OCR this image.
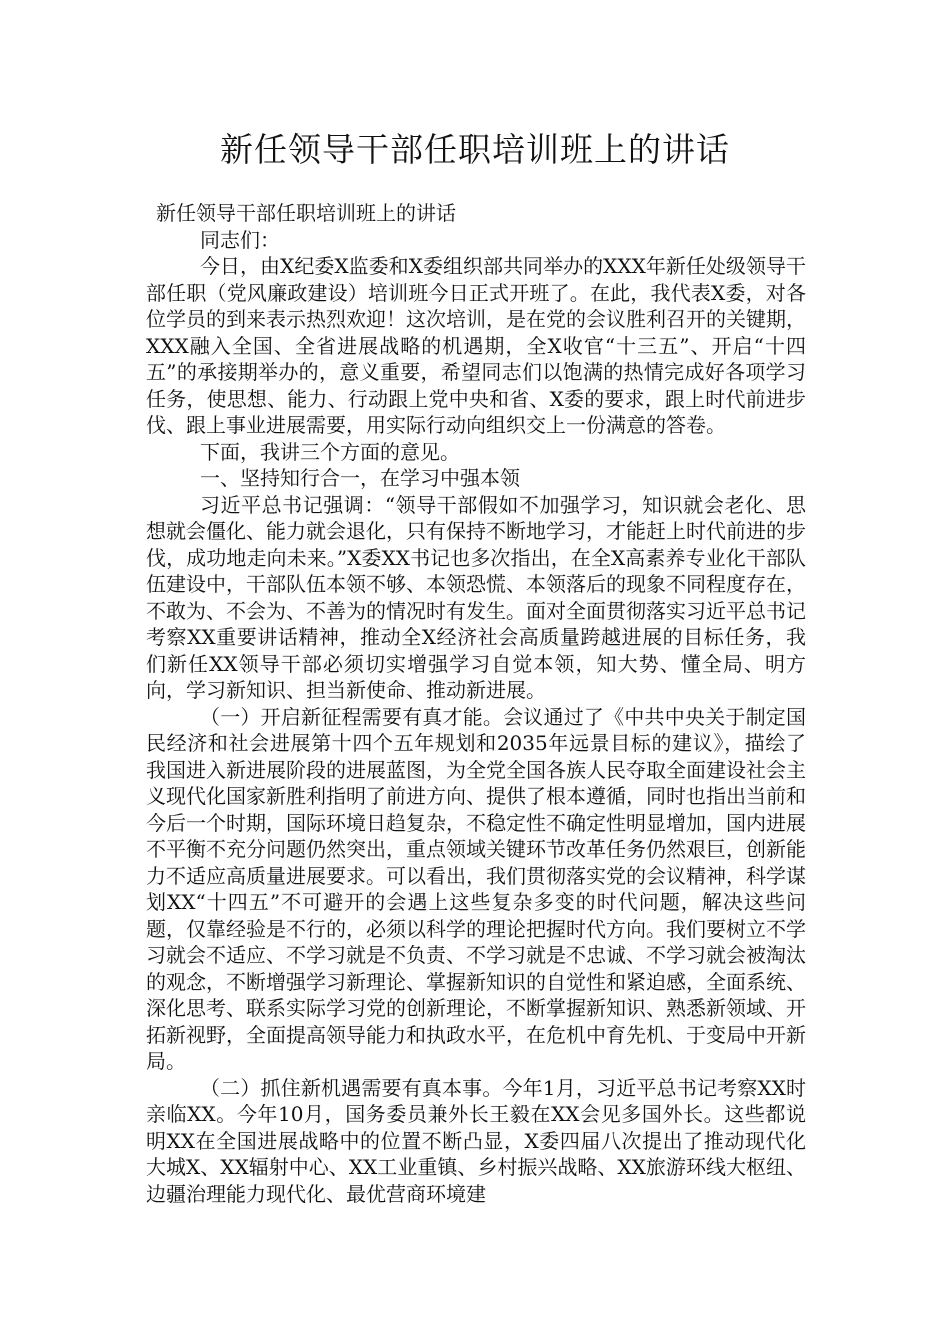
新任领导干部任职培训班上的讲话

新任领导干部任职培训班上的讲话

同志们：

今日，由X纪委X监委和X委组织部共同举办的XXX年新任处级领导干部任职（党风廉政建设）培训班今日正式开班了。在此，我代表X委，对各位学员的到来表示热烈欢迎！这次培训，是在党的会议胜利召开的关键期，XXX融入全国、全省进展战略的机遇期，全X收官“十三五”、开启“十四五”的承接期举办的，意义重要，希望同志们以饱满的热情完成好各项学习任务，使思想、能力、行动跟上党中央和省、X委的要求，跟上时代前进步伐、跟上事业进展需要，用实际行动向组织交上一份满意的答卷。

下面，我讲三个方面的意见。

一、坚持知行合一，在学习中强本领

习近平总书记强调：“领导干部假如不加强学习，知识就会老化、思想就会僵化、能力就会退化，只有保持不断地学习，才能赶上时代前进的步伐，成功地走向未来。”X委XX书记也多次指出，在全X高素养专业化干部队伍建设中，干部队伍本领不够、本领恐慌、本领落后的现象不同程度存在，不敢为、不会为、不善为的情况时有发生。面对全面贯彻落实习近平总书记考察XX重要讲话精神，推动全X经济社会高质量跨越进展的目标任务，我们新任XX领导干部必须切实增强学习自觉本领，知大势、懂全局、明方向，学习新知识、担当新使命、推动新进展。

（一）开启新征程需要有真才能。会议通过了《中共中央关于制定国民经济和社会进展第十四个五年规划和2035年远景目标的建议》，描绘了我国进入新进展阶段的进展蓝图，为全党全国各族人民夺取全面建设社会主义现代化国家新胜利指明了前进方向、提供了根本遵循，同时也指出当前和今后一个时期，国际环境日趋复杂，不稳定性不确定性明显增加，国内进展不平衡不充分问题仍然突出，重点领域关键环节改革任务仍然艰巨，创新能力不适应高质量进展要求。可以看出，我们贯彻落实党的会议精神，科学谋划XX“十四五”不可避开的会遇上这些复杂多变的时代问题，解决这些问题，仅靠经验是不行的，必须以科学的理论把握时代方向。我们要树立不学习就会不适应、不学习就是不负责、不学习就是不忠诚、不学习就会被淘汰的观念，不断增强学习新理论、掌握新知识的自觉性和紧迫感，全面系统、深化思考、联系实际学习党的创新理论，不断掌握新知识、熟悉新领域、开拓新视野，全面提高领导能力和执政水平，在危机中育先机、于变局中开新局。

（二）抓住新机遇需要有真本事。今年1月，习近平总书记考察XX时亲临XX。今年10月，国务委员兼外长王毅在XX会见多国外长。这些都说明XX在全国进展战略中的位置不断凸显，X委四届八次提出了推动现代化大城X、XX辐射中心、XX工业重镇、乡村振兴战略、XX旅游环线大枢纽、边疆治理能力现代化、最优营商环境建
